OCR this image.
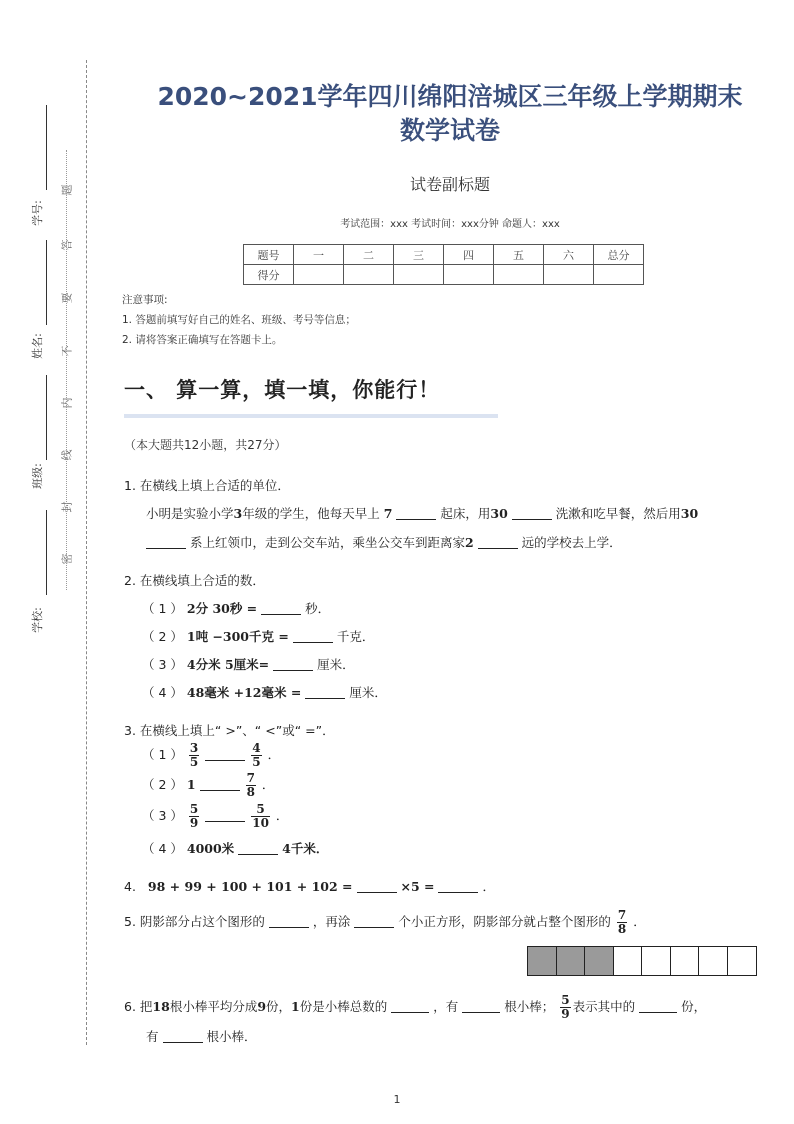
学号:
姓名:
班级:
学校:
题
答
要
不
内
线
封
密
2020~2021学年四川绵阳涪城区三年级上学期期末
数学试卷
试卷副标题
考试范围：xxx 考试时间：xxx分钟 命题人：xxx
题号	一	二	三	四	五	六	总分
得分							
注意事项:
1. 答题前填写好自己的姓名、班级、考号等信息；
2. 请将答案正确填写在答题卡上。
一、 算一算，填一填，你能行！
（本大题共12小题，共27分）
1. 在横线上填上合适的单位．
小明是实验小学3年级的学生，他每天早上 7	起床，用30	洗漱和吃早餐，然后用30
系上红领巾，走到公交车站，乘坐公交车到距离家2	远的学校去上学．
2. 在横线填上合适的数．
（ 1 ） 2分 30秒 =	秒．
（ 2 ） 1吨 −300千克 =	千克．
（ 3 ） 4分米 5厘米=	厘米．
（ 4 ） 48毫米 +12毫米 =	厘米．
3. 在横线上填上“ >”、“ <”或“ =”．
（ 1 ） $\frac{3}{5}$
	$\frac{4}{5}$ ．
（ 2 ） 1	$\frac{7}{8}$ ．
（ 3 ） $\frac{5}{9}$
	$\frac{5}{10}$ ．
（ 4 ） 4000米	4千米．
4. 98 + 99 + 100 + 101 + 102 =	×5 =	．
5. 阴影部分占这个图形的	，再涂	个小正方形，阴影部分就占整个图形的 $\frac{7}{8}$ ．
6. 把18根小棒平均分成9份，1份是小棒总数的	，有	根小棒； $\frac{5}{9}$ 表示其中的	份，
有	根小棒．
1
